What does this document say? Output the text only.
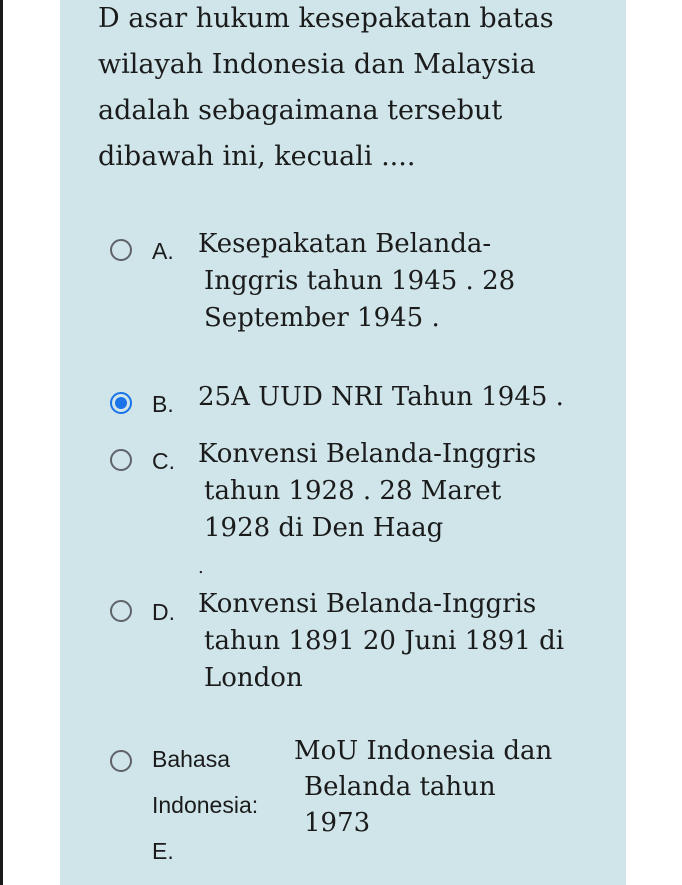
D asar hukum kesepakatan batas
wilayah Indonesia dan Malaysia
adalah sebagaimana tersebut
dibawah ini, kecuali ....

A. Kesepakatan Belanda-
Inggris tahun 1945 . 28
September 1945 .

B. 25A UUD NRI Tahun 1945 .

C. Konvensi Belanda-Inggris
tahun 1928 . 28 Maret
1928 di Den Haag
.

D. Konvensi Belanda-Inggris
tahun 1891 20 Juni 1891 di
London

Bahasa
Indonesia:
E.

MoU Indonesia dan
Belanda tahun
1973
